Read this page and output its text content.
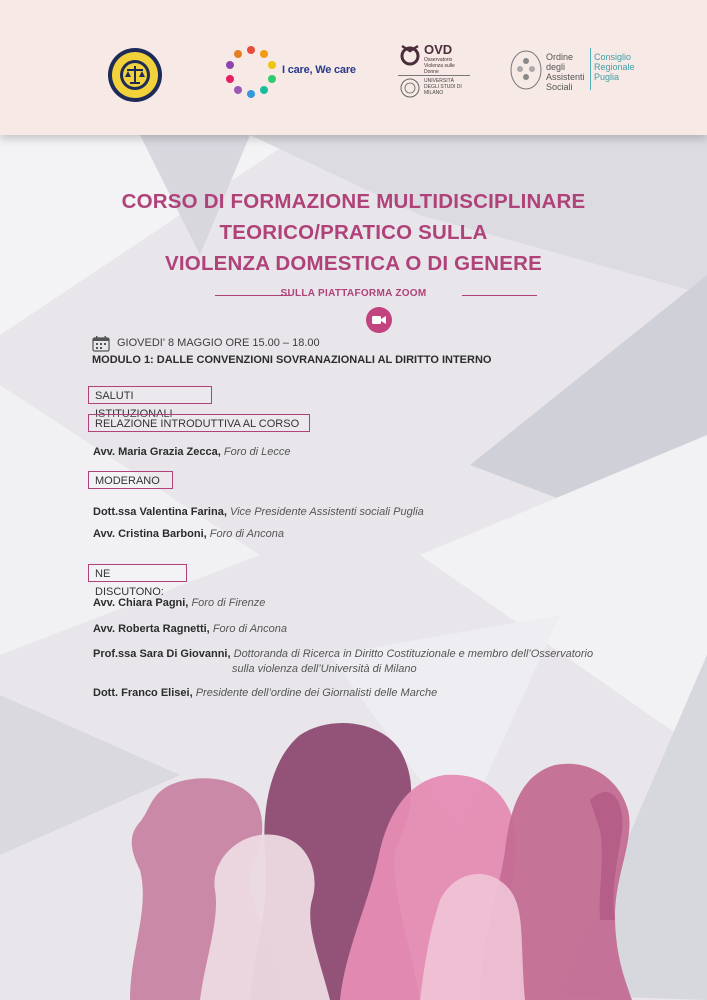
I care, We care
OVD
Osservatorio Violenza sulle Donne
UNIVERSITÀ DEGLI STUDI DI MILANO
Ordine degli Assistenti Sociali
Consiglio Regionale Puglia
CORSO DI FORMAZIONE MULTIDISCIPLINARE
TEORICO/PRATICO SULLA
VIOLENZA DOMESTICA O DI GENERE
SULLA PIATTAFORMA ZOOM
GIOVEDI' 8 MAGGIO ORE 15.00 – 18.00
MODULO 1: DALLE CONVENZIONI SOVRANAZIONALI AL DIRITTO INTERNO
SALUTI ISTITUZIONALI
RELAZIONE INTRODUTTIVA AL CORSO
Avv. Maria Grazia Zecca, Foro di Lecce
MODERANO
Dott.ssa Valentina Farina, Vice Presidente Assistenti sociali Puglia
Avv. Cristina Barboni, Foro di Ancona
NE DISCUTONO:
Avv. Chiara Pagni, Foro di Firenze
Avv. Roberta Ragnetti, Foro di Ancona
Prof.ssa Sara Di Giovanni, Dottoranda di Ricerca in Diritto Costituzionale e membro dell’Osservatorio
sulla violenza dell’Università di Milano
Dott. Franco Elisei, Presidente dell’ordine dei Giornalisti delle Marche
